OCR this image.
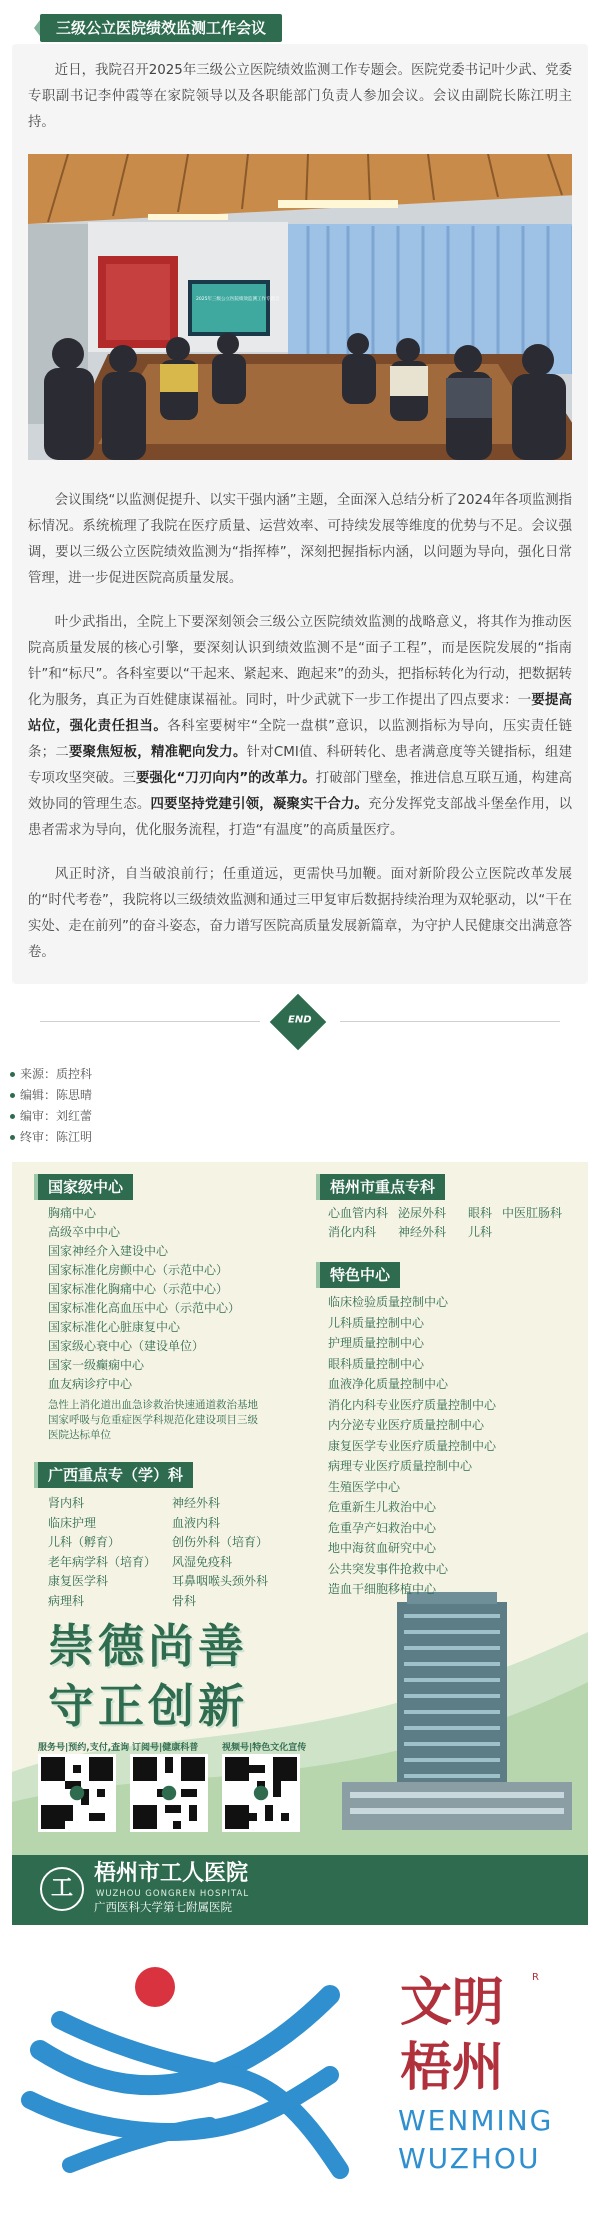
三级公立医院绩效监测工作会议

近日，我院召开2025年三级公立医院绩效监测工作专题会。医院党委书记叶少武、党委专职副书记李仲霞等在家院领导以及各职能部门负责人参加会议。会议由副院长陈江明主持。

2025年三级公立医院绩效监测工作专题会

会议围绕“以监测促提升、以实干强内涵”主题，全面深入总结分析了2024年各项监测指标情况。系统梳理了我院在医疗质量、运营效率、可持续发展等维度的优势与不足。会议强调，要以三级公立医院绩效监测为“指挥棒”，深刻把握指标内涵，以问题为导向，强化日常管理，进一步促进医院高质量发展。

叶少武指出，全院上下要深刻领会三级公立医院绩效监测的战略意义，将其作为推动医院高质量发展的核心引擎，要深刻认识到绩效监测不是“面子工程”，而是医院发展的“指南针”和“标尺”。各科室要以“干起来、紧起来、跑起来”的劲头，把指标转化为行动，把数据转化为服务，真正为百姓健康谋福祉。同时，叶少武就下一步工作提出了四点要求：一要提高站位，强化责任担当。各科室要树牢“全院一盘棋”意识，以监测指标为导向，压实责任链条；二要聚焦短板，精准靶向发力。针对CMI值、科研转化、患者满意度等关键指标，组建专项攻坚突破。三要强化“刀刃向内”的改革力。打破部门壁垒，推进信息互联互通，构建高效协同的管理生态。四要坚持党建引领，凝聚实干合力。充分发挥党支部战斗堡垒作用，以患者需求为导向，优化服务流程，打造“有温度”的高质量医疗。

风正时济，自当破浪前行；任重道远，更需快马加鞭。面对新阶段公立医院改革发展的“时代考卷”，我院将以三级绩效监测和通过三甲复审后数据持续治理为双轮驱动，以“干在实处、走在前列”的奋斗姿态，奋力谱写医院高质量发展新篇章，为守护人民健康交出满意答卷。

END
来源：质控科
编辑：陈思晴
编审：刘红蕾
终审：陈江明
国家级中心
胸痛中心
高级卒中中心
国家神经介入建设中心
国家标准化房颤中心（示范中心）
国家标准化胸痛中心（示范中心）
国家标准化高血压中心（示范中心）
国家标准化心脏康复中心
国家级心衰中心（建设单位）
国家一级癫痫中心
血友病诊疗中心
急性上消化道出血急诊救治快速通道救治基地
国家呼吸与危重症医学科规范化建设项目三级
医院达标单位
梧州市重点专科
心血管内科 泌尿外科 眼科 中医肛肠科
消化内科 神经外科 儿科
特色中心
临床检验质量控制中心
儿科质量控制中心
护理质量控制中心
眼科质量控制中心
血液净化质量控制中心
消化内科专业医疗质量控制中心
内分泌专业医疗质量控制中心
康复医学专业医疗质量控制中心
病理专业医疗质量控制中心
生殖医学中心
危重新生儿救治中心
危重孕产妇救治中心
地中海贫血研究中心
公共突发事件抢救中心
造血干细胞移植中心
广西重点专（学）科
肾内科
临床护理
儿科（孵育）
老年病学科（培育）
康复医学科
病理科
神经外科
血液内科
创伤外科（培育）
风湿免疫科
耳鼻咽喉头颈外科
骨科
崇德尚善
守正创新
服务号|预约,支付,查询 订阅号|健康科普	视频号|特色文化宣传
工
梧州市工人医院
WUZHOU GONGREN HOSPITAL
广西医科大学第七附属医院
文明
梧州
R
WENMING
WUZHOU
